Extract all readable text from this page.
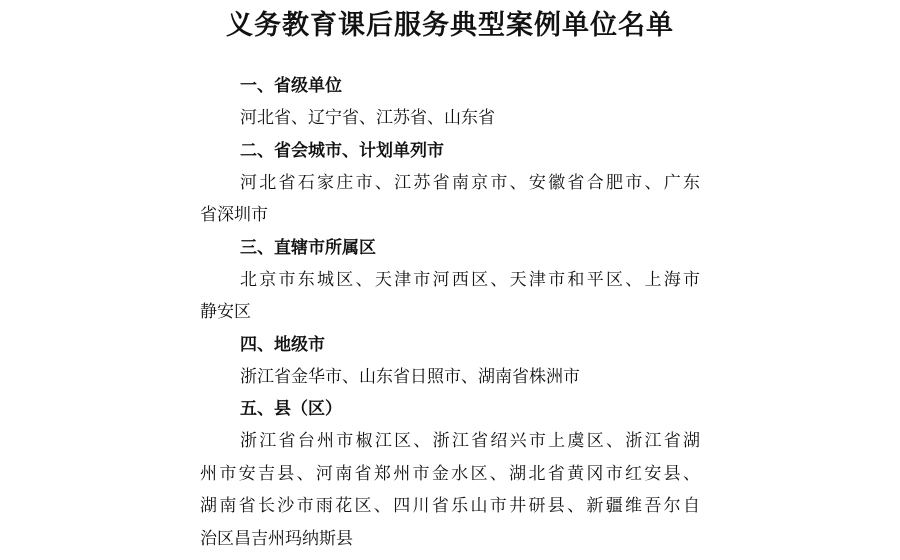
义务教育课后服务典型案例单位名单

一、省级单位

河北省、辽宁省、江苏省、山东省

二、省会城市、计划单列市

河北省石家庄市、江苏省南京市、安徽省合肥市、广东
省深圳市

三、直辖市所属区

北京市东城区、天津市河西区、天津市和平区、上海市
静安区

四、地级市

浙江省金华市、山东省日照市、湖南省株洲市

五、县（区）

浙江省台州市椒江区、浙江省绍兴市上虞区、浙江省湖
州市安吉县、河南省郑州市金水区、湖北省黄冈市红安县、
湖南省长沙市雨花区、四川省乐山市井研县、新疆维吾尔自
治区昌吉州玛纳斯县
